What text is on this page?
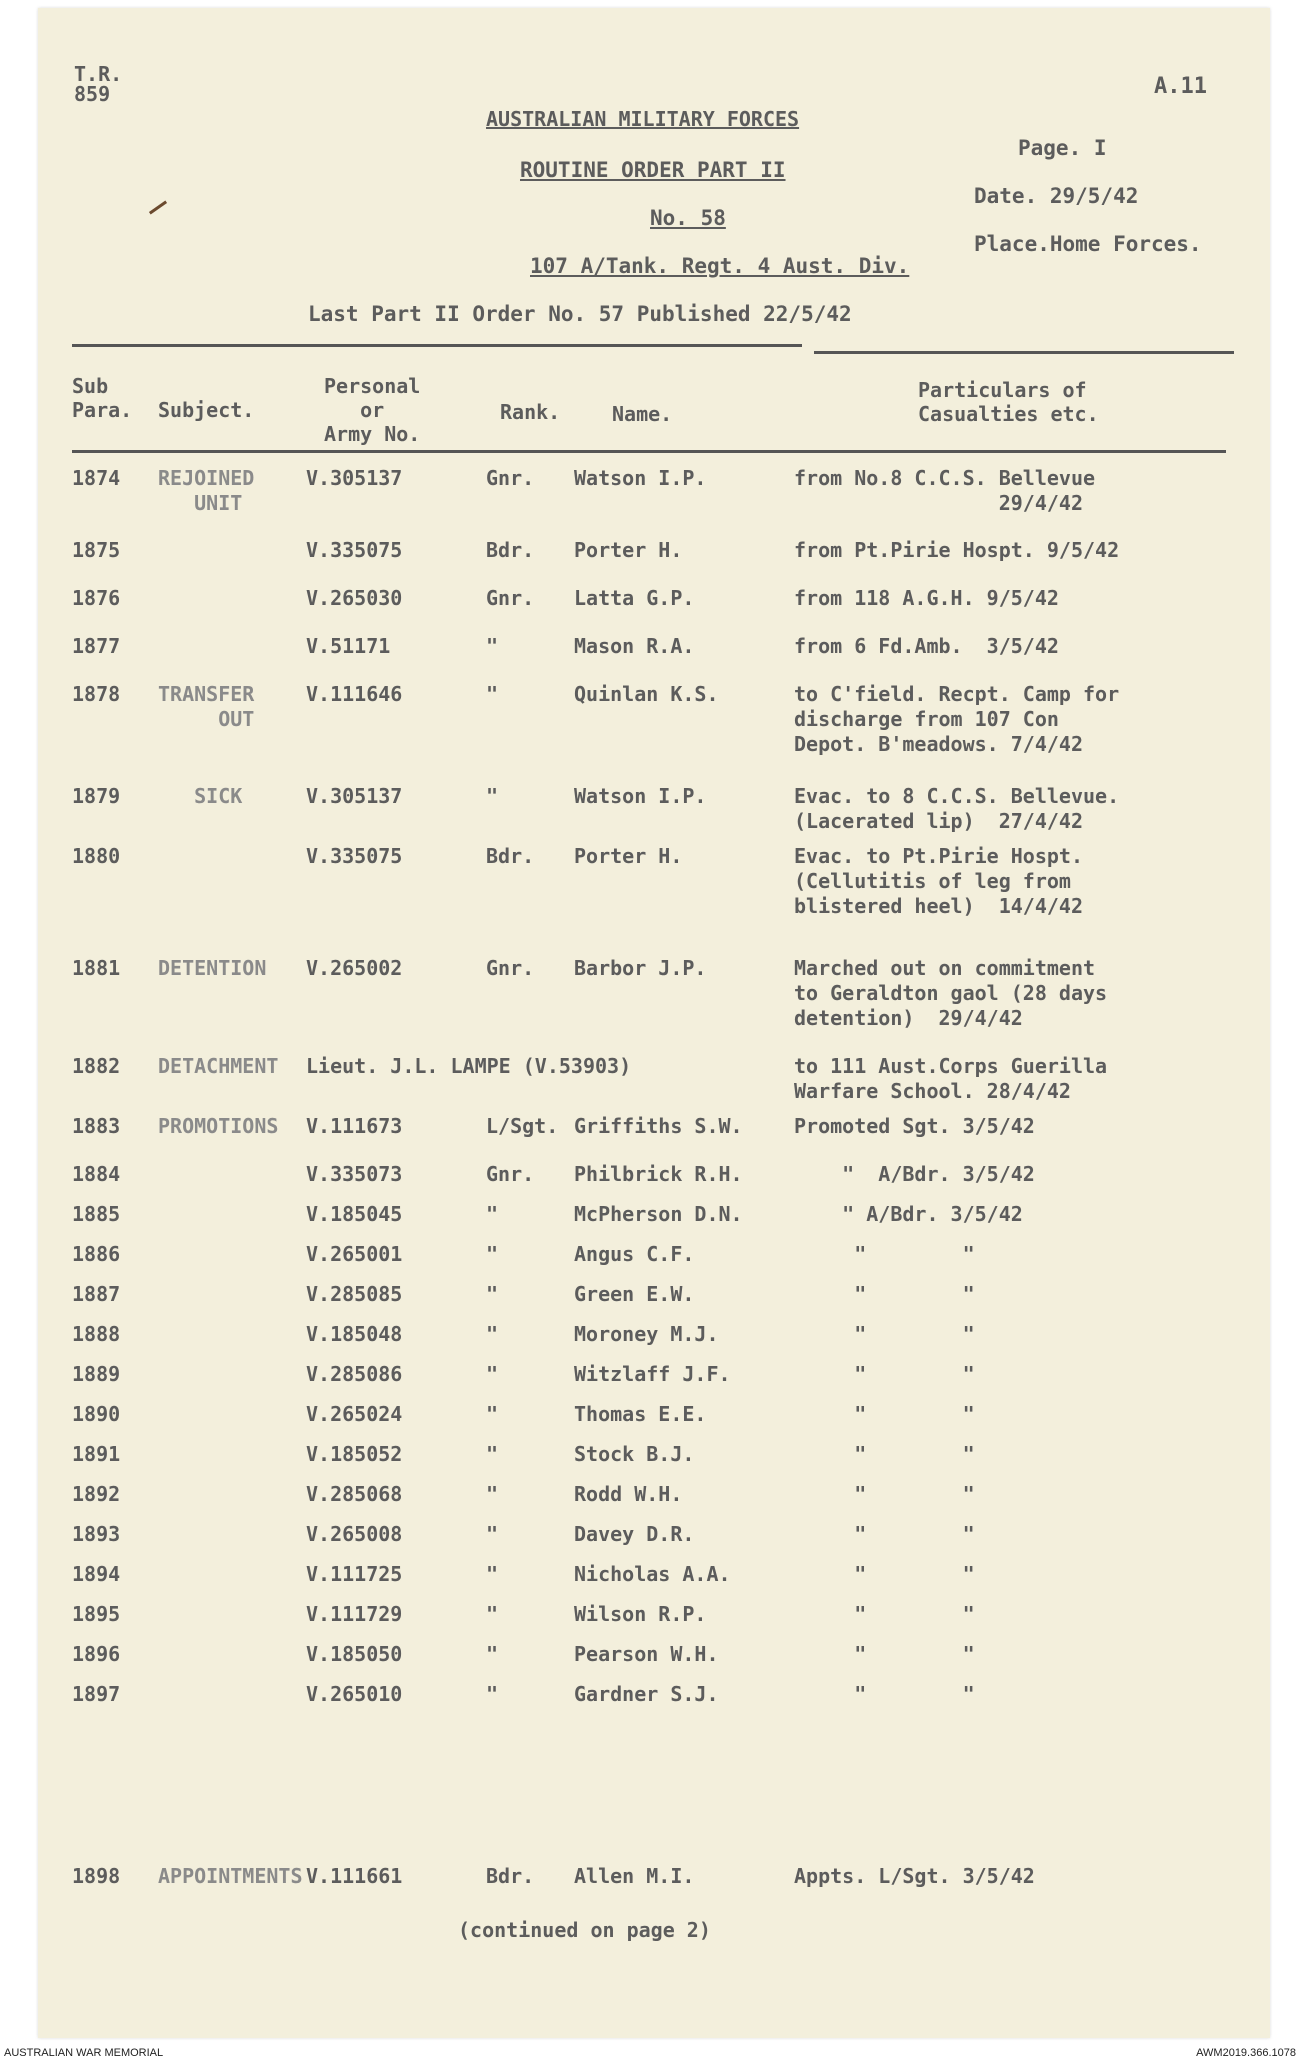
T.R.
859	A.11
AUSTRALIAN MILITARY FORCES
ROUTINE ORDER PART II
No. 58
107 A/Tank. Regt. 4 Aust. Div.
Page. I
Date. 29/5/42
Place.Home Forces.
Last Part II Order No. 57 Published 22/5/42
Sub
Para. Subject.
Personal
or
Army No.
Rank.	Name.
Particulars of
Casualties etc.
1874 REJOINED
UNIT
V.305137	Gnr. Watson I.P.	from No.8 C.C.S. Bellevue
29/4/42
1875	V.335075	Bdr. Porter H.	from Pt.Pirie Hospt. 9/5/42
1876	V.265030	Gnr. Latta G.P.	from 118 A.G.H. 9/5/42
1877	V.51171	"	Mason R.A.	from 6 Fd.Amb.  3/5/42
1878 TRANSFER
OUT
V.111646	"	Quinlan K.S.	to C'field. Recpt. Camp for
discharge from 107 Con
Depot. B'meadows. 7/4/42
1879 SICK	V.305137	"	Watson I.P.	Evac. to 8 C.C.S. Bellevue.
(Lacerated lip)  27/4/42
1880	V.335075	Bdr. Porter H.	Evac. to Pt.Pirie Hospt.
(Cellutitis of leg from
blistered heel)  14/4/42
1881 DETENTION V.265002	Gnr. Barbor J.P.	Marched out on commitment
to Geraldton gaol (28 days
detention)  29/4/42
1882 DETACHMENT Lieut. J.L. LAMPE (V.53903)	to 111 Aust.Corps Guerilla
Warfare School. 28/4/42
1883 PROMOTIONS V.111673	L/Sgt. Griffiths S.W.	Promoted Sgt. 3/5/42
1884	V.335073	Gnr. Philbrick R.H.	"  A/Bdr. 3/5/42
1885	V.185045	"	McPherson D.N.	" A/Bdr. 3/5/42
1886	V.265001	"	Angus C.F.	"        "
1887	V.285085	"	Green E.W.	"        "
1888	V.185048	"	Moroney M.J.	"        "
1889	V.285086	"	Witzlaff J.F.	"        "
1890	V.265024	"	Thomas E.E.	"        "
1891	V.185052	"	Stock B.J.	"        "
1892	V.285068	"	Rodd W.H.	"        "
1893	V.265008	"	Davey D.R.	"        "
1894	V.111725	"	Nicholas A.A.	"        "
1895	V.111729	"	Wilson R.P.	"        "
1896	V.185050	"	Pearson W.H.	"        "
1897	V.265010	"	Gardner S.J.	"        "
1898 APPOINTMENTS V.111661	Bdr. Allen M.I.	Appts. L/Sgt. 3/5/42
(continued on page 2)
AUSTRALIAN WAR MEMORIAL	AWM2019.366.1078
